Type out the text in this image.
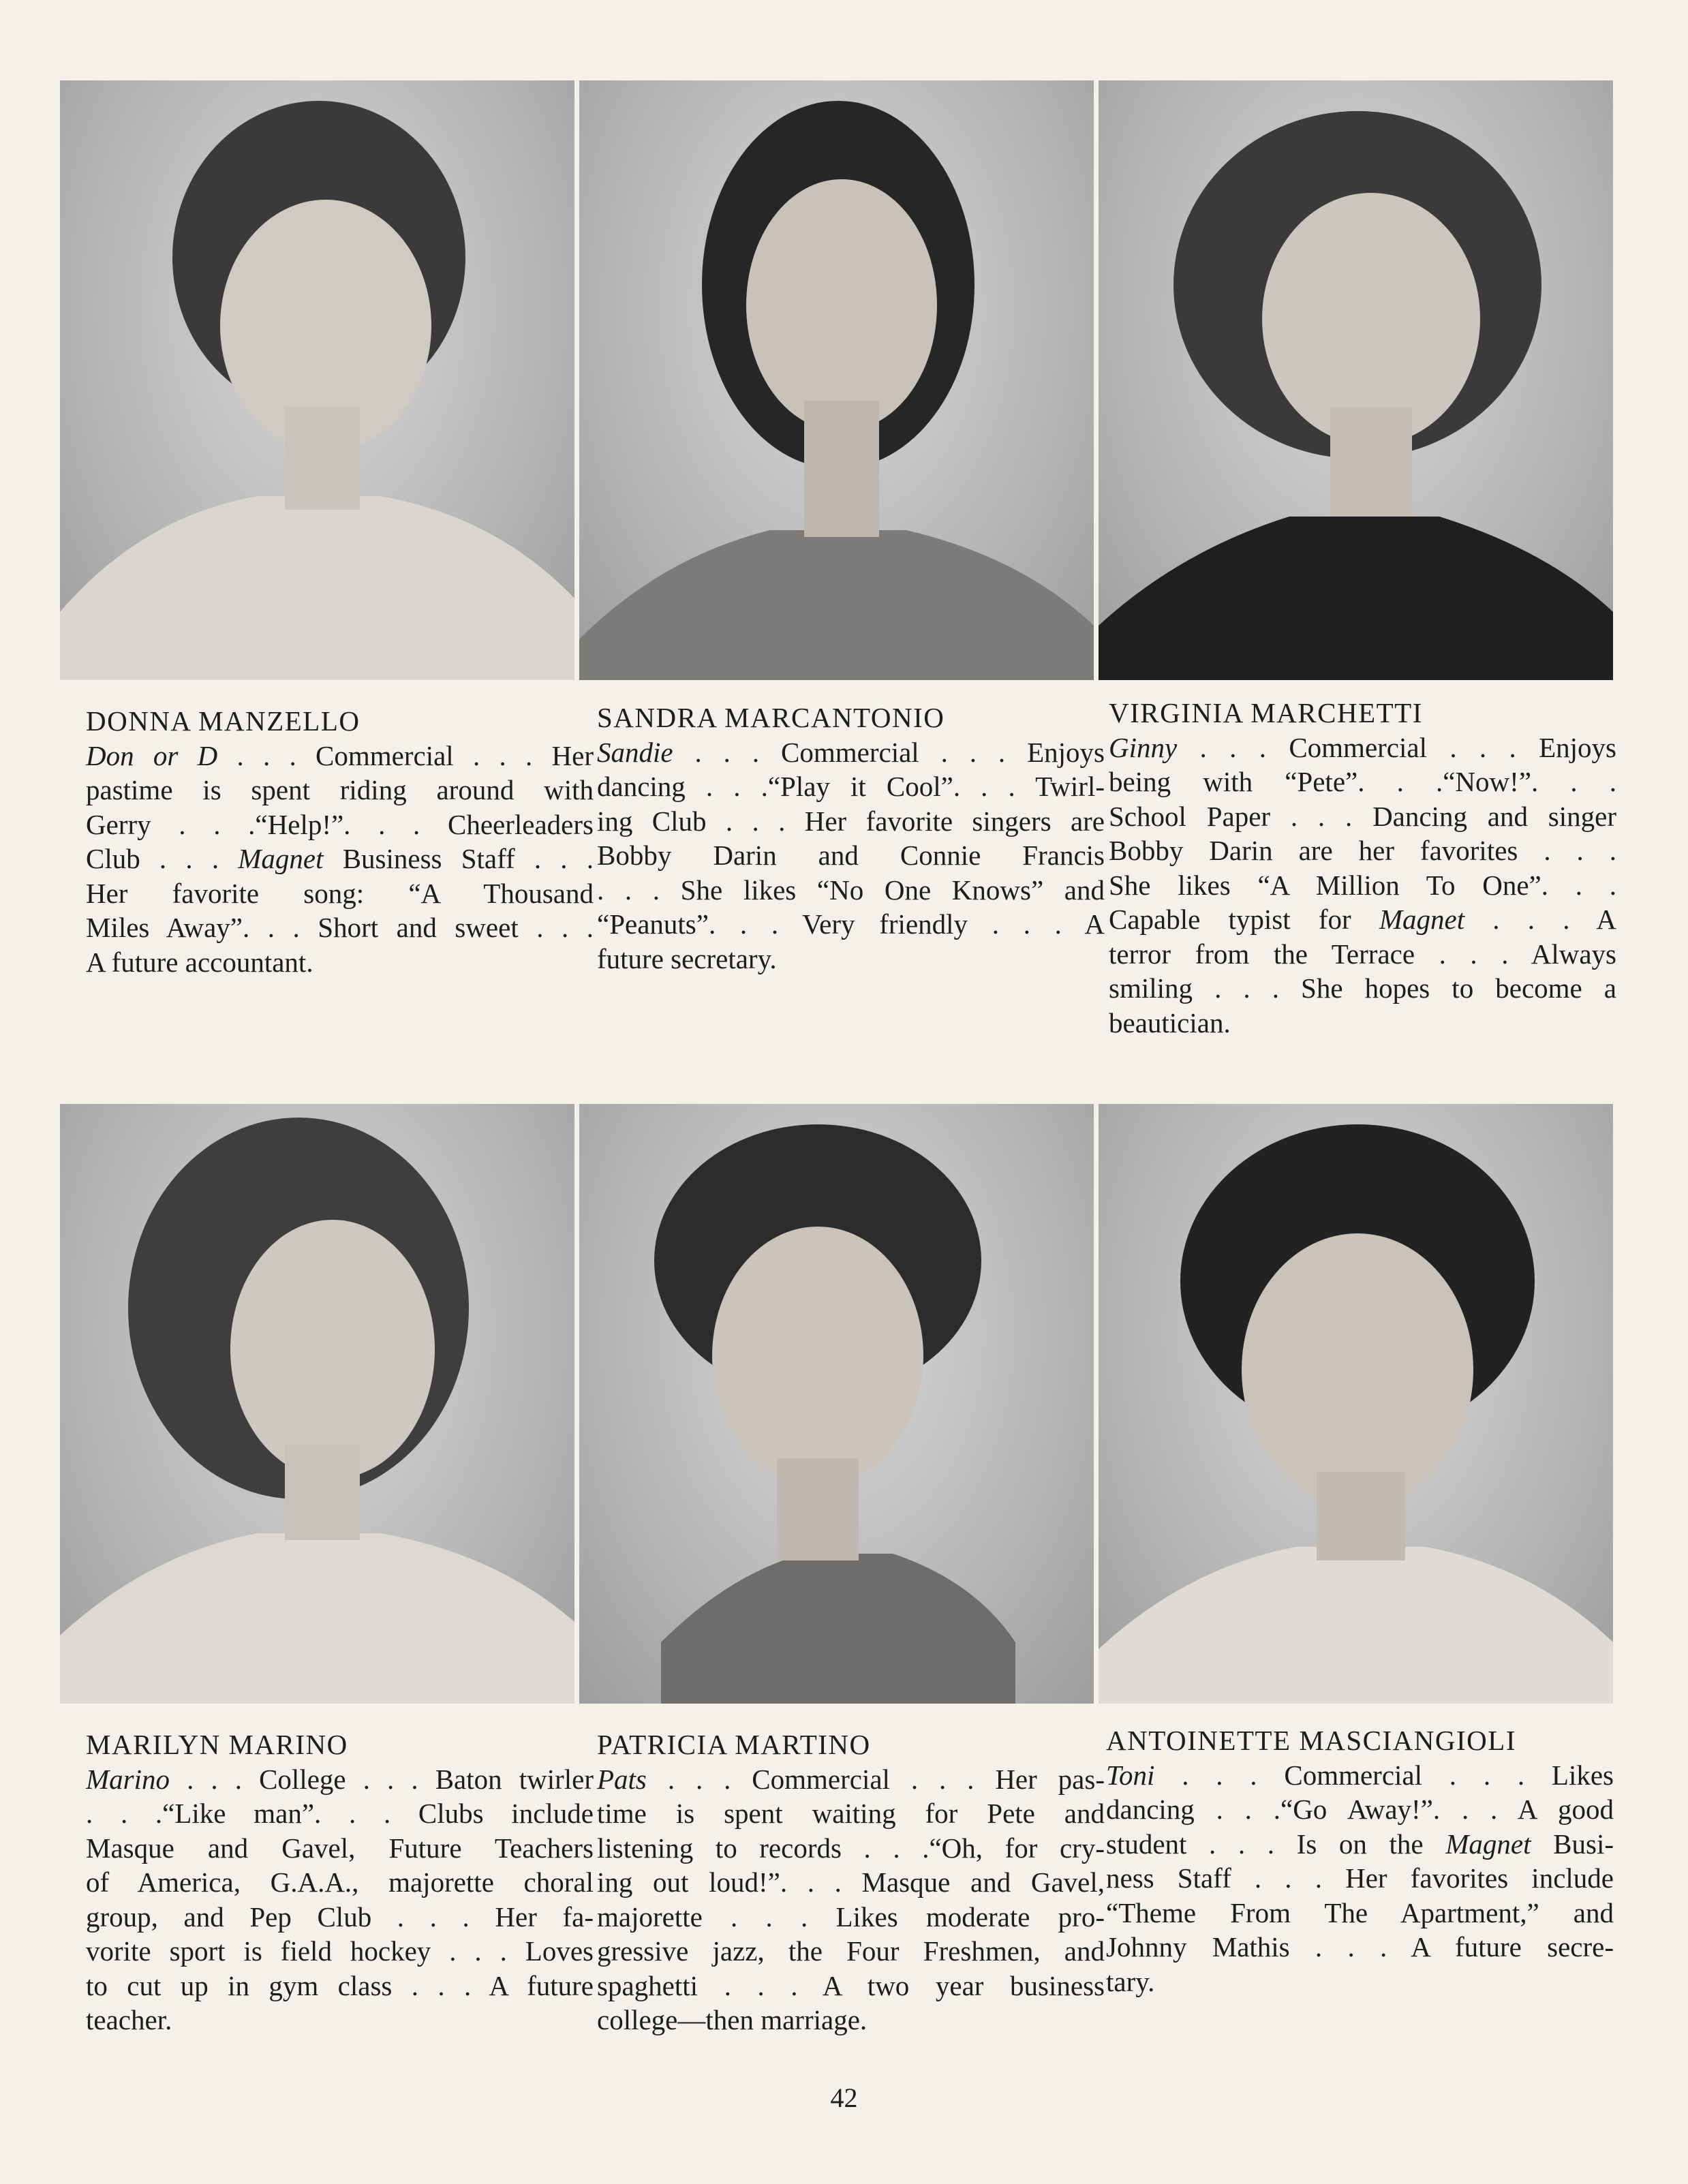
DONNA MANZELLO
Don or D . . . Commercial . . . Her
pastime is spent riding around with
Gerry . . .“Help!”. . . Cheerleaders
Club . . . Magnet Business Staff . . .
Her favorite song: “A Thousand
Miles Away”. . . Short and sweet . . .
A future accountant.
SANDRA MARCANTONIO
Sandie . . . Commercial . . . Enjoys
dancing . . .“Play it Cool”. . . Twirl-
ing Club . . . Her favorite singers are
Bobby Darin and Connie Francis
. . . She likes “No One Knows” and
“Peanuts”. . . Very friendly . . . A
future secretary.
VIRGINIA MARCHETTI
Ginny . . . Commercial . . . Enjoys
being with “Pete”. . .“Now!”. . .
School Paper . . . Dancing and singer
Bobby Darin are her favorites . . .
She likes “A Million To One”. . .
Capable typist for Magnet . . . A
terror from the Terrace . . . Always
smiling . . . She hopes to become a
beautician.
MARILYN MARINO
Marino . . . College . . . Baton twirler
. . .“Like man”. . . Clubs include
Masque and Gavel, Future Teachers
of America, G.A.A., majorette choral
group, and Pep Club . . . Her fa-
vorite sport is field hockey . . . Loves
to cut up in gym class . . . A future
teacher.
PATRICIA MARTINO
Pats . . . Commercial . . . Her pas-
time is spent waiting for Pete and
listening to records . . .“Oh, for cry-
ing out loud!”. . . Masque and Gavel,
majorette . . . Likes moderate pro-
gressive jazz, the Four Freshmen, and
spaghetti . . . A two year business
college—then marriage.
ANTOINETTE MASCIANGIOLI
Toni . . . Commercial . . . Likes
dancing . . .“Go Away!”. . . A good
student . . . Is on the Magnet Busi-
ness Staff . . . Her favorites include
“Theme From The Apartment,” and
Johnny Mathis . . . A future secre-
tary.
42
